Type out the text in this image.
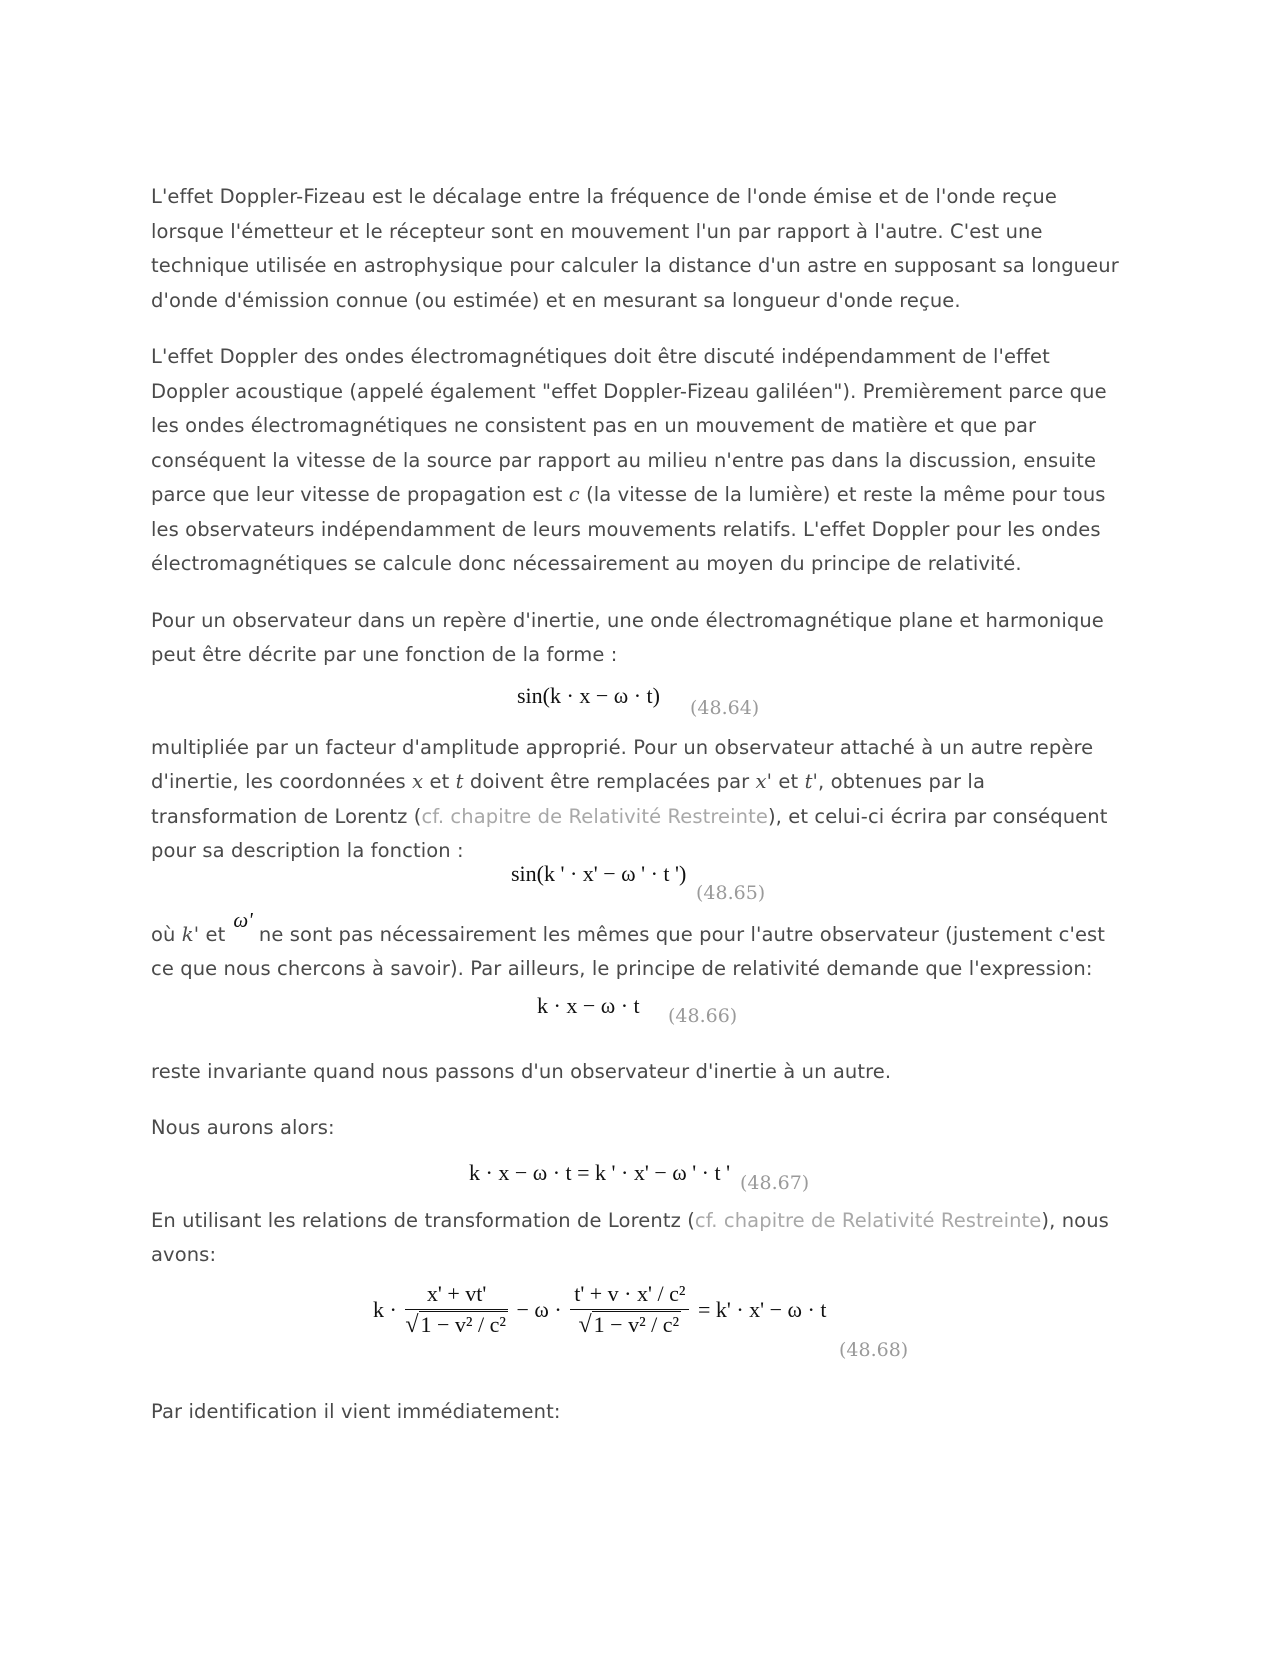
L'effet Doppler-Fizeau est le décalage entre la fréquence de l'onde émise et de l'onde reçue lorsque l'émetteur et le récepteur sont en mouvement l'un par rapport à l'autre. C'est une technique utilisée en astrophysique pour calculer la distance d'un astre en supposant sa longueur d'onde d'émission connue (ou estimée) et en mesurant sa longueur d'onde reçue.

L'effet Doppler des ondes électromagnétiques doit être discuté indépendamment de l'effet Doppler acoustique (appelé également "effet Doppler-Fizeau galiléen"). Premièrement parce que les ondes électromagnétiques ne consistent pas en un mouvement de matière et que par conséquent la vitesse de la source par rapport au milieu n'entre pas dans la discussion, ensuite parce que leur vitesse de propagation est c (la vitesse de la lumière) et reste la même pour tous les observateurs indépendamment de leurs mouvements relatifs. L'effet Doppler pour les ondes électromagnétiques se calcule donc nécessairement au moyen du principe de relativité.

Pour un observateur dans un repère d'inertie, une onde électromagnétique plane et harmonique peut être décrite par une fonction de la forme :

sin(k · x − ω · t) (48.64)

multipliée par un facteur d'amplitude approprié. Pour un observateur attaché à un autre repère d'inertie, les coordonnées x et t doivent être remplacées par x' et t', obtenues par la transformation de Lorentz (cf. chapitre de Relativité Restreinte), et celui-ci écrira par conséquent pour sa description la fonction :

sin(k ' · x' − ω ' · t ')
(48.65)

où k' etω'ne sont pas nécessairement les mêmes que pour l'autre observateur (justement c'est ce que nous chercons à savoir). Par ailleurs, le principe de relativité demande que l'expression:

k · x − ω · t (48.66)

reste invariante quand nous passons d'un observateur d'inertie à un autre.

Nous aurons alors:

k · x − ω · t = k ' · x' − ω ' · t ' (48.67)

En utilisant les relations de transformation de Lorentz (cf. chapitre de Relativité Restreinte), nous avons:

$k \cdot \frac{x' + vt'}{\text{√1 − v² / c²}} - \omega \cdot \frac{\text{t' + v · x' / c²}}{\text{√1 − v² / c²}} = k' \cdot x' - \omega \cdot t$
(48.68)

Par identification il vient immédiatement:
